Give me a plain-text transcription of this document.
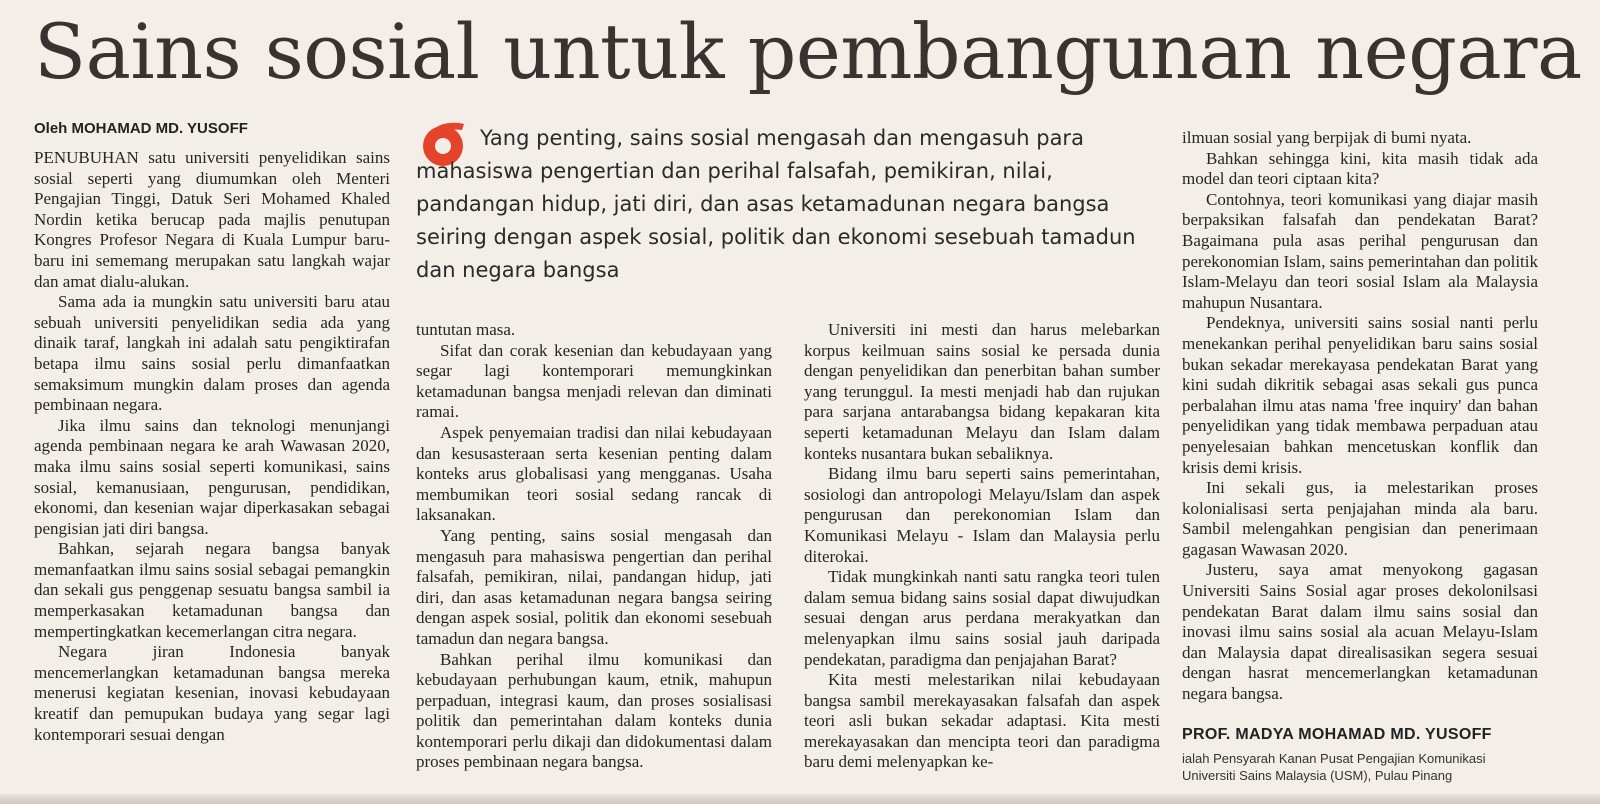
Sains sosial untuk pembangunan negara
Oleh MOHAMAD MD. YUSOFF

PENUBUHAN satu universiti penyelidikan sains sosial seperti yang diumumkan oleh Menteri Pengajian Tinggi, Datuk Seri Mohamed Khaled Nordin ketika berucap pada majlis penutupan Kongres Profesor Negara di Kuala Lumpur baru-baru ini sememang merupakan satu langkah wajar dan amat dialu-alukan.

Sama ada ia mungkin satu universiti baru atau sebuah universiti penyelidikan sedia ada yang dinaik taraf, langkah ini adalah satu pengiktirafan betapa ilmu sains sosial perlu dimanfaatkan semaksimum mungkin dalam proses dan agenda pembinaan negara.

Jika ilmu sains dan teknologi menunjangi agenda pembinaan negara ke arah Wawasan 2020, maka ilmu sains sosial seperti komunikasi, sains sosial, kemanusiaan, pengurusan, pendidikan, ekonomi, dan kesenian wajar diperkasakan sebagai pengisian jati diri bangsa.

Bahkan, sejarah negara bangsa banyak memanfaatkan ilmu sains sosial sebagai pemangkin dan sekali gus penggenap sesuatu bangsa sambil ia memperkasakan ketamadunan bangsa dan mempertingkatkan kecemerlangan citra negara.

Negara jiran Indonesia banyak mencemerlangkan ketamadunan bangsa mereka menerusi kegiatan kesenian, inovasi kebudayaan kreatif dan pemupukan budaya yang segar lagi kontemporari sesuai dengan

Yang penting, sains sosial mengasah dan mengasuh para mahasiswa pengertian dan perihal falsafah, pemikiran, nilai, pandangan hidup, jati diri, dan asas ketamadunan negara bangsa seiring dengan aspek sosial, politik dan ekonomi sesebuah tamadun dan negara bangsa

tuntutan masa.

Sifat dan corak kesenian dan kebudayaan yang segar lagi kontemporari memungkinkan ketamadunan bangsa menjadi relevan dan diminati ramai.

Aspek penyemaian tradisi dan nilai kebudayaan dan kesusasteraan serta kesenian penting dalam konteks arus globalisasi yang mengganas. Usaha membumikan teori sosial sedang rancak di laksanakan.

Yang penting, sains sosial mengasah dan mengasuh para mahasiswa pengertian dan perihal falsafah, pemikiran, nilai, pandangan hidup, jati diri, dan asas ketamadunan negara bangsa seiring dengan aspek sosial, politik dan ekonomi sesebuah tamadun dan negara bangsa.

Bahkan perihal ilmu komunikasi dan kebudayaan perhubungan kaum, etnik, mahupun perpaduan, integrasi kaum, dan proses sosialisasi politik dan pemerintahan dalam konteks dunia kontemporari perlu dikaji dan didokumentasi dalam proses pembinaan negara bangsa.

Universiti ini mesti dan harus melebarkan korpus keilmuan sains sosial ke persada dunia dengan penyelidikan dan penerbitan bahan sumber yang terunggul. Ia mesti menjadi hab dan rujukan para sarjana antarabangsa bidang kepakaran kita seperti ketamadunan Melayu dan Islam dalam konteks nusantara bukan sebaliknya.

Bidang ilmu baru seperti sains pemerintahan, sosiologi dan antropologi Melayu/Islam dan aspek pengurusan dan perekonomian Islam dan Komunikasi Melayu - Islam dan Malaysia perlu diterokai.

Tidak mungkinkah nanti satu rangka teori tulen dalam semua bidang sains sosial dapat diwujudkan sesuai dengan arus perdana merakyatkan dan melenyapkan ilmu sains sosial jauh daripada pendekatan, paradigma dan penjajahan Barat?

Kita mesti melestarikan nilai kebudayaan bangsa sambil merekayasakan falsafah dan aspek teori asli bukan sekadar adaptasi. Kita mesti merekayasakan dan mencipta teori dan paradigma baru demi melenyapkan ke-

ilmuan sosial yang berpijak di bumi nyata.

Bahkan sehingga kini, kita masih tidak ada model dan teori ciptaan kita?

Contohnya, teori komunikasi yang diajar masih berpaksikan falsafah dan pendekatan Barat? Bagaimana pula asas perihal pengurusan dan perekonomian Islam, sains pemerintahan dan politik Islam-Melayu dan teori sosial Islam ala Malaysia mahupun Nusantara.

Pendeknya, universiti sains sosial nanti perlu menekankan perihal penyelidikan baru sains sosial bukan sekadar merekayasa pendekatan Barat yang kini sudah dikritik sebagai asas sekali gus punca perbalahan ilmu atas nama 'free inquiry' dan bahan penyelidikan yang tidak membawa perpaduan atau penyelesaian bahkan mencetuskan konflik dan krisis demi krisis.

Ini sekali gus, ia melestarikan proses kolonialisasi serta penjajahan minda ala baru. Sambil melengahkan pengisian dan penerimaan gagasan Wawasan 2020.

Justeru, saya amat menyokong gagasan Universiti Sains Sosial agar proses dekolonilsasi pendekatan Barat dalam ilmu sains sosial dan inovasi ilmu sains sosial ala acuan Melayu-Islam dan Malaysia dapat direalisasikan segera sesuai dengan hasrat mencemerlangkan ketamadunan negara bangsa.

PROF. MADYA MOHAMAD MD. YUSOFF
ialah Pensyarah Kanan Pusat Pengajian Komunikasi
Universiti Sains Malaysia (USM), Pulau Pinang
